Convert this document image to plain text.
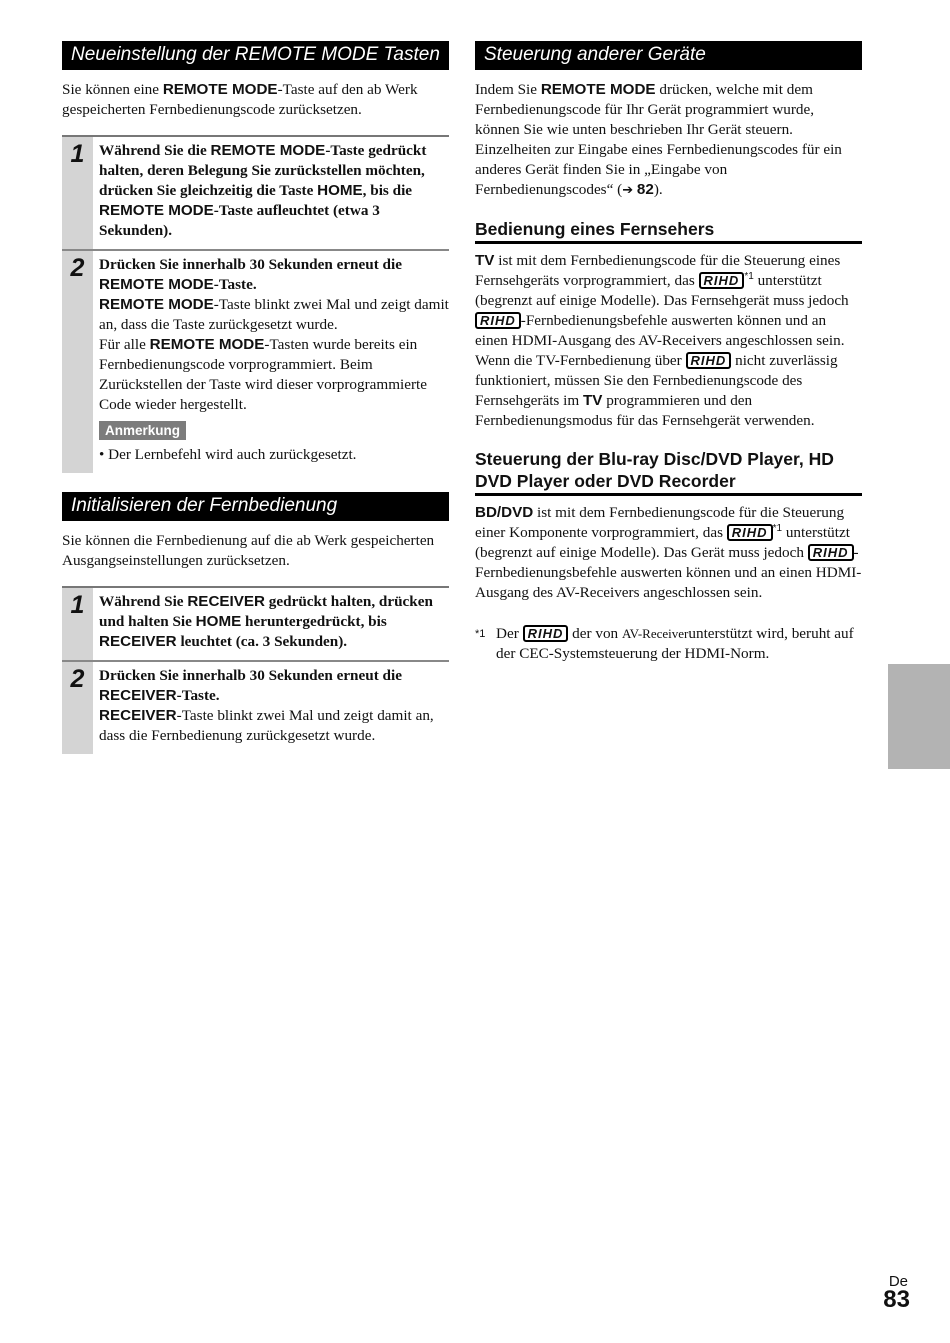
Neueinstellung der REMOTE MODE Tasten

Sie können eine REMOTE MODE-Taste auf den ab Werk gespeicherten Fernbedienungscode zurücksetzen.

1 Während Sie die REMOTE MODE-Taste gedrückt halten, deren Belegung Sie zurückstellen möchten, drücken Sie gleichzeitig die Taste HOME, bis die REMOTE MODE-Taste aufleuchtet (etwa 3 Sekunden).

2 Drücken Sie innerhalb 30 Sekunden erneut die REMOTE MODE-Taste.

REMOTE MODE-Taste blinkt zwei Mal und zeigt damit an, dass die Taste zurückgesetzt wurde.

Für alle REMOTE MODE-Tasten wurde bereits ein Fernbedienungscode vorprogrammiert. Beim Zurückstellen der Taste wird dieser vorprogrammierte Code wieder hergestellt.

Anmerkung

• Der Lernbefehl wird auch zurückgesetzt.

Initialisieren der Fernbedienung

Sie können die Fernbedienung auf die ab Werk gespeicherten Ausgangseinstellungen zurücksetzen.

1 Während Sie RECEIVER gedrückt halten, drücken und halten Sie HOME heruntergedrückt, bis RECEIVER leuchtet (ca. 3 Sekunden).

2 Drücken Sie innerhalb 30 Sekunden erneut die RECEIVER-Taste.

RECEIVER-Taste blinkt zwei Mal und zeigt damit an, dass die Fernbedienung zurückgesetzt wurde.

Steuerung anderer Geräte

Indem Sie REMOTE MODE drücken, welche mit dem Fernbedienungscode für Ihr Gerät programmiert wurde, können Sie wie unten beschrieben Ihr Gerät steuern.

Einzelheiten zur Eingabe eines Fernbedienungscodes für ein anderes Gerät finden Sie in „Eingabe von Fernbedienungscodes“ (➔ 82).

Bedienung eines Fernsehers

TV ist mit dem Fernbedienungscode für die Steuerung eines Fernsehgeräts vorprogrammiert, das RIHD $^{*1}$ unterstützt (begrenzt auf einige Modelle). Das Fernsehgerät muss jedoch RIHD -Fernbedienungsbefehle auswerten können und an einen HDMI-Ausgang des AV-Receivers angeschlossen sein.

Wenn die TV-Fernbedienung über RIHD nicht zuverlässig funktioniert, müssen Sie den Fernbedienungscode des Fernsehgeräts im TV programmieren und den Fernbedienungsmodus für das Fernsehgerät verwenden.

Steuerung der Blu-ray Disc/DVD Player, HD DVD Player oder DVD Recorder

BD/DVD ist mit dem Fernbedienungscode für die Steuerung einer Komponente vorprogrammiert, das RIHD $^{*1}$ unterstützt (begrenzt auf einige Modelle). Das Gerät muss jedoch RIHD -Fernbedienungsbefehle auswerten können und an einen HDMI-Ausgang des AV-Receivers angeschlossen sein.

*1 Der RIHD der von AV-Receiverunterstützt wird, beruht auf der CEC-Systemsteuerung der HDMI-Norm.
De
83
